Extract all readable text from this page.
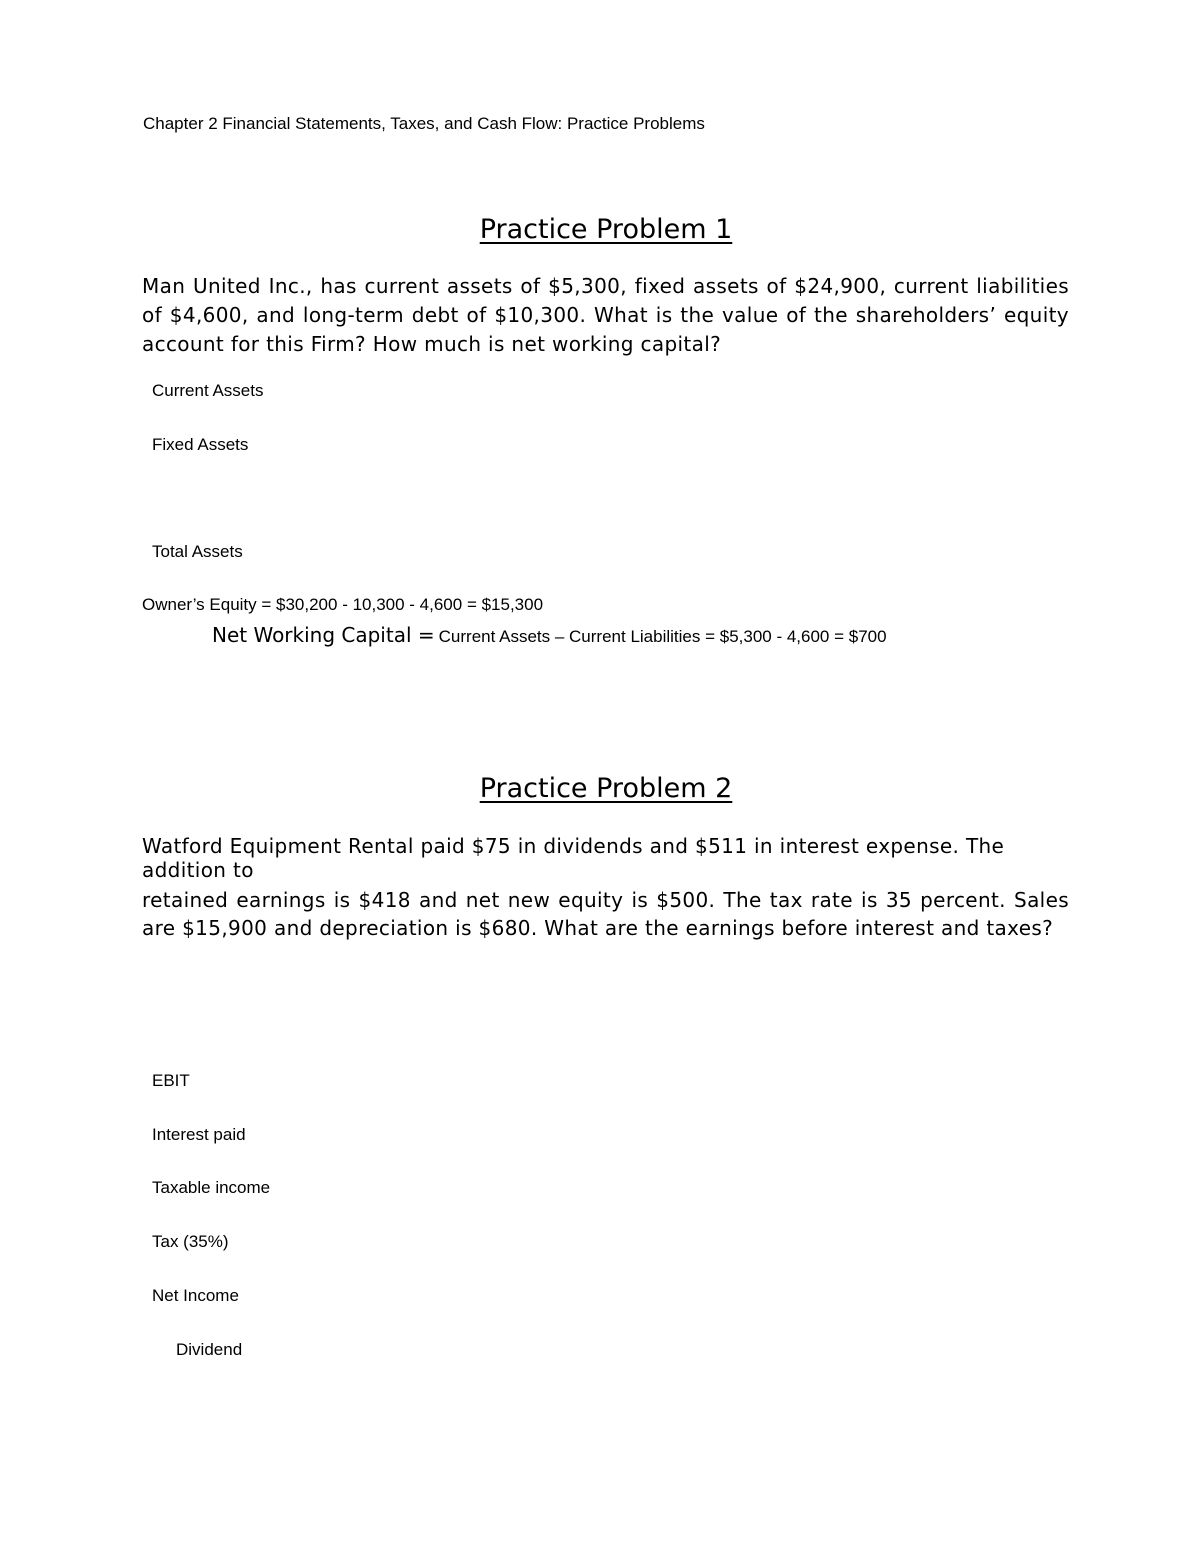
Chapter 2 Financial Statements, Taxes, and Cash Flow: Practice Problems
Practice Problem 1
Man United Inc., has current assets of $5,300, fixed assets of $24,900, current liabilities of $4,600, and long-term debt of $10,300. What is the value of the shareholders’ equity account for this Firm? How much is net working capital?
Current Assets
Fixed Assets
Total Assets
Owner’s Equity = $30,200 - 10,300 - 4,600 = $15,300
Net Working Capital = Current Assets – Current Liabilities = $5,300 - 4,600 = $700
Practice Problem 2
Watford Equipment Rental paid $75 in dividends and $511 in interest expense. The addition to
retained earnings is $418 and net new equity is $500. The tax rate is 35 percent. Sales are $15,900 and depreciation is $680. What are the earnings before interest and taxes?
EBIT
Interest paid
Taxable income
Tax (35%)
Net Income
Dividend
